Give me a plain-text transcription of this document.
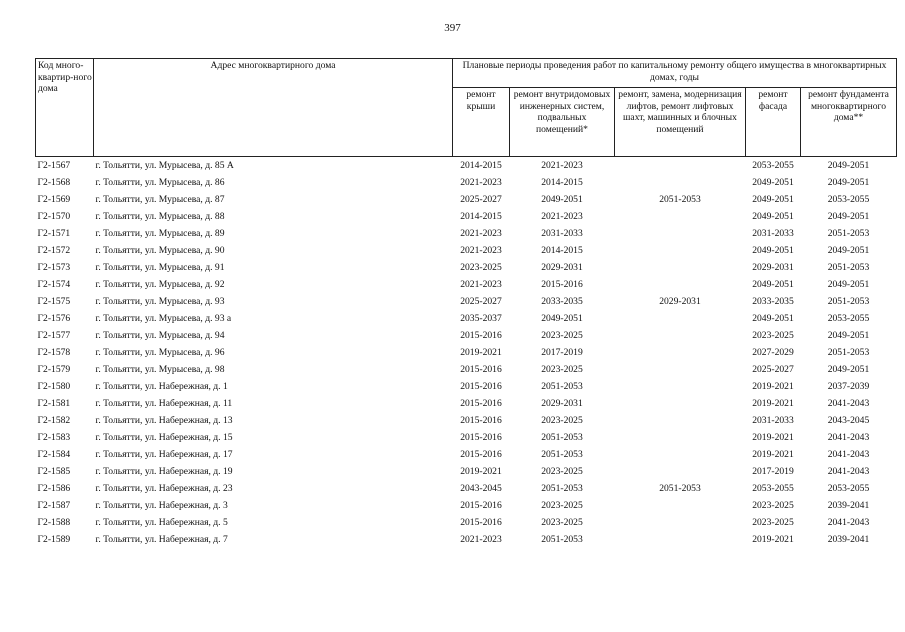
397
Код много-квартир-ного дома	Адрес многоквартирного дома	Плановые периоды проведения работ по капитальному ремонту общего имущества в многоквартирных домах, годы				
		ремонт крыши	ремонт внутридомовых инженерных систем, подвальных помещений*	ремонт, замена, модернизация лифтов, ремонт лифтовых шахт, машинных и блочных помещений	ремонт фасада	ремонт фундамента многоквартирного дома**
Г2-1567	г. Тольятти, ул. Мурысева, д. 85 А	2014-2015	2021-2023		2053-2055	2049-2051
Г2-1568	г. Тольятти, ул. Мурысева, д. 86	2021-2023	2014-2015		2049-2051	2049-2051
Г2-1569	г. Тольятти, ул. Мурысева, д. 87	2025-2027	2049-2051	2051-2053	2049-2051	2053-2055
Г2-1570	г. Тольятти, ул. Мурысева, д. 88	2014-2015	2021-2023		2049-2051	2049-2051
Г2-1571	г. Тольятти, ул. Мурысева, д. 89	2021-2023	2031-2033		2031-2033	2051-2053
Г2-1572	г. Тольятти, ул. Мурысева, д. 90	2021-2023	2014-2015		2049-2051	2049-2051
Г2-1573	г. Тольятти, ул. Мурысева, д. 91	2023-2025	2029-2031		2029-2031	2051-2053
Г2-1574	г. Тольятти, ул. Мурысева, д. 92	2021-2023	2015-2016		2049-2051	2049-2051
Г2-1575	г. Тольятти, ул. Мурысева, д. 93	2025-2027	2033-2035	2029-2031	2033-2035	2051-2053
Г2-1576	г. Тольятти, ул. Мурысева, д. 93 а	2035-2037	2049-2051		2049-2051	2053-2055
Г2-1577	г. Тольятти, ул. Мурысева, д. 94	2015-2016	2023-2025		2023-2025	2049-2051
Г2-1578	г. Тольятти, ул. Мурысева, д. 96	2019-2021	2017-2019		2027-2029	2051-2053
Г2-1579	г. Тольятти, ул. Мурысева, д. 98	2015-2016	2023-2025		2025-2027	2049-2051
Г2-1580	г. Тольятти, ул. Набережная, д. 1	2015-2016	2051-2053		2019-2021	2037-2039
Г2-1581	г. Тольятти, ул. Набережная, д. 11	2015-2016	2029-2031		2019-2021	2041-2043
Г2-1582	г. Тольятти, ул. Набережная, д. 13	2015-2016	2023-2025		2031-2033	2043-2045
Г2-1583	г. Тольятти, ул. Набережная, д. 15	2015-2016	2051-2053		2019-2021	2041-2043
Г2-1584	г. Тольятти, ул. Набережная, д. 17	2015-2016	2051-2053		2019-2021	2041-2043
Г2-1585	г. Тольятти, ул. Набережная, д. 19	2019-2021	2023-2025		2017-2019	2041-2043
Г2-1586	г. Тольятти, ул. Набережная, д. 23	2043-2045	2051-2053	2051-2053	2053-2055	2053-2055
Г2-1587	г. Тольятти, ул. Набережная, д. 3	2015-2016	2023-2025		2023-2025	2039-2041
Г2-1588	г. Тольятти, ул. Набережная, д. 5	2015-2016	2023-2025		2023-2025	2041-2043
Г2-1589	г. Тольятти, ул. Набережная, д. 7	2021-2023	2051-2053		2019-2021	2039-2041
